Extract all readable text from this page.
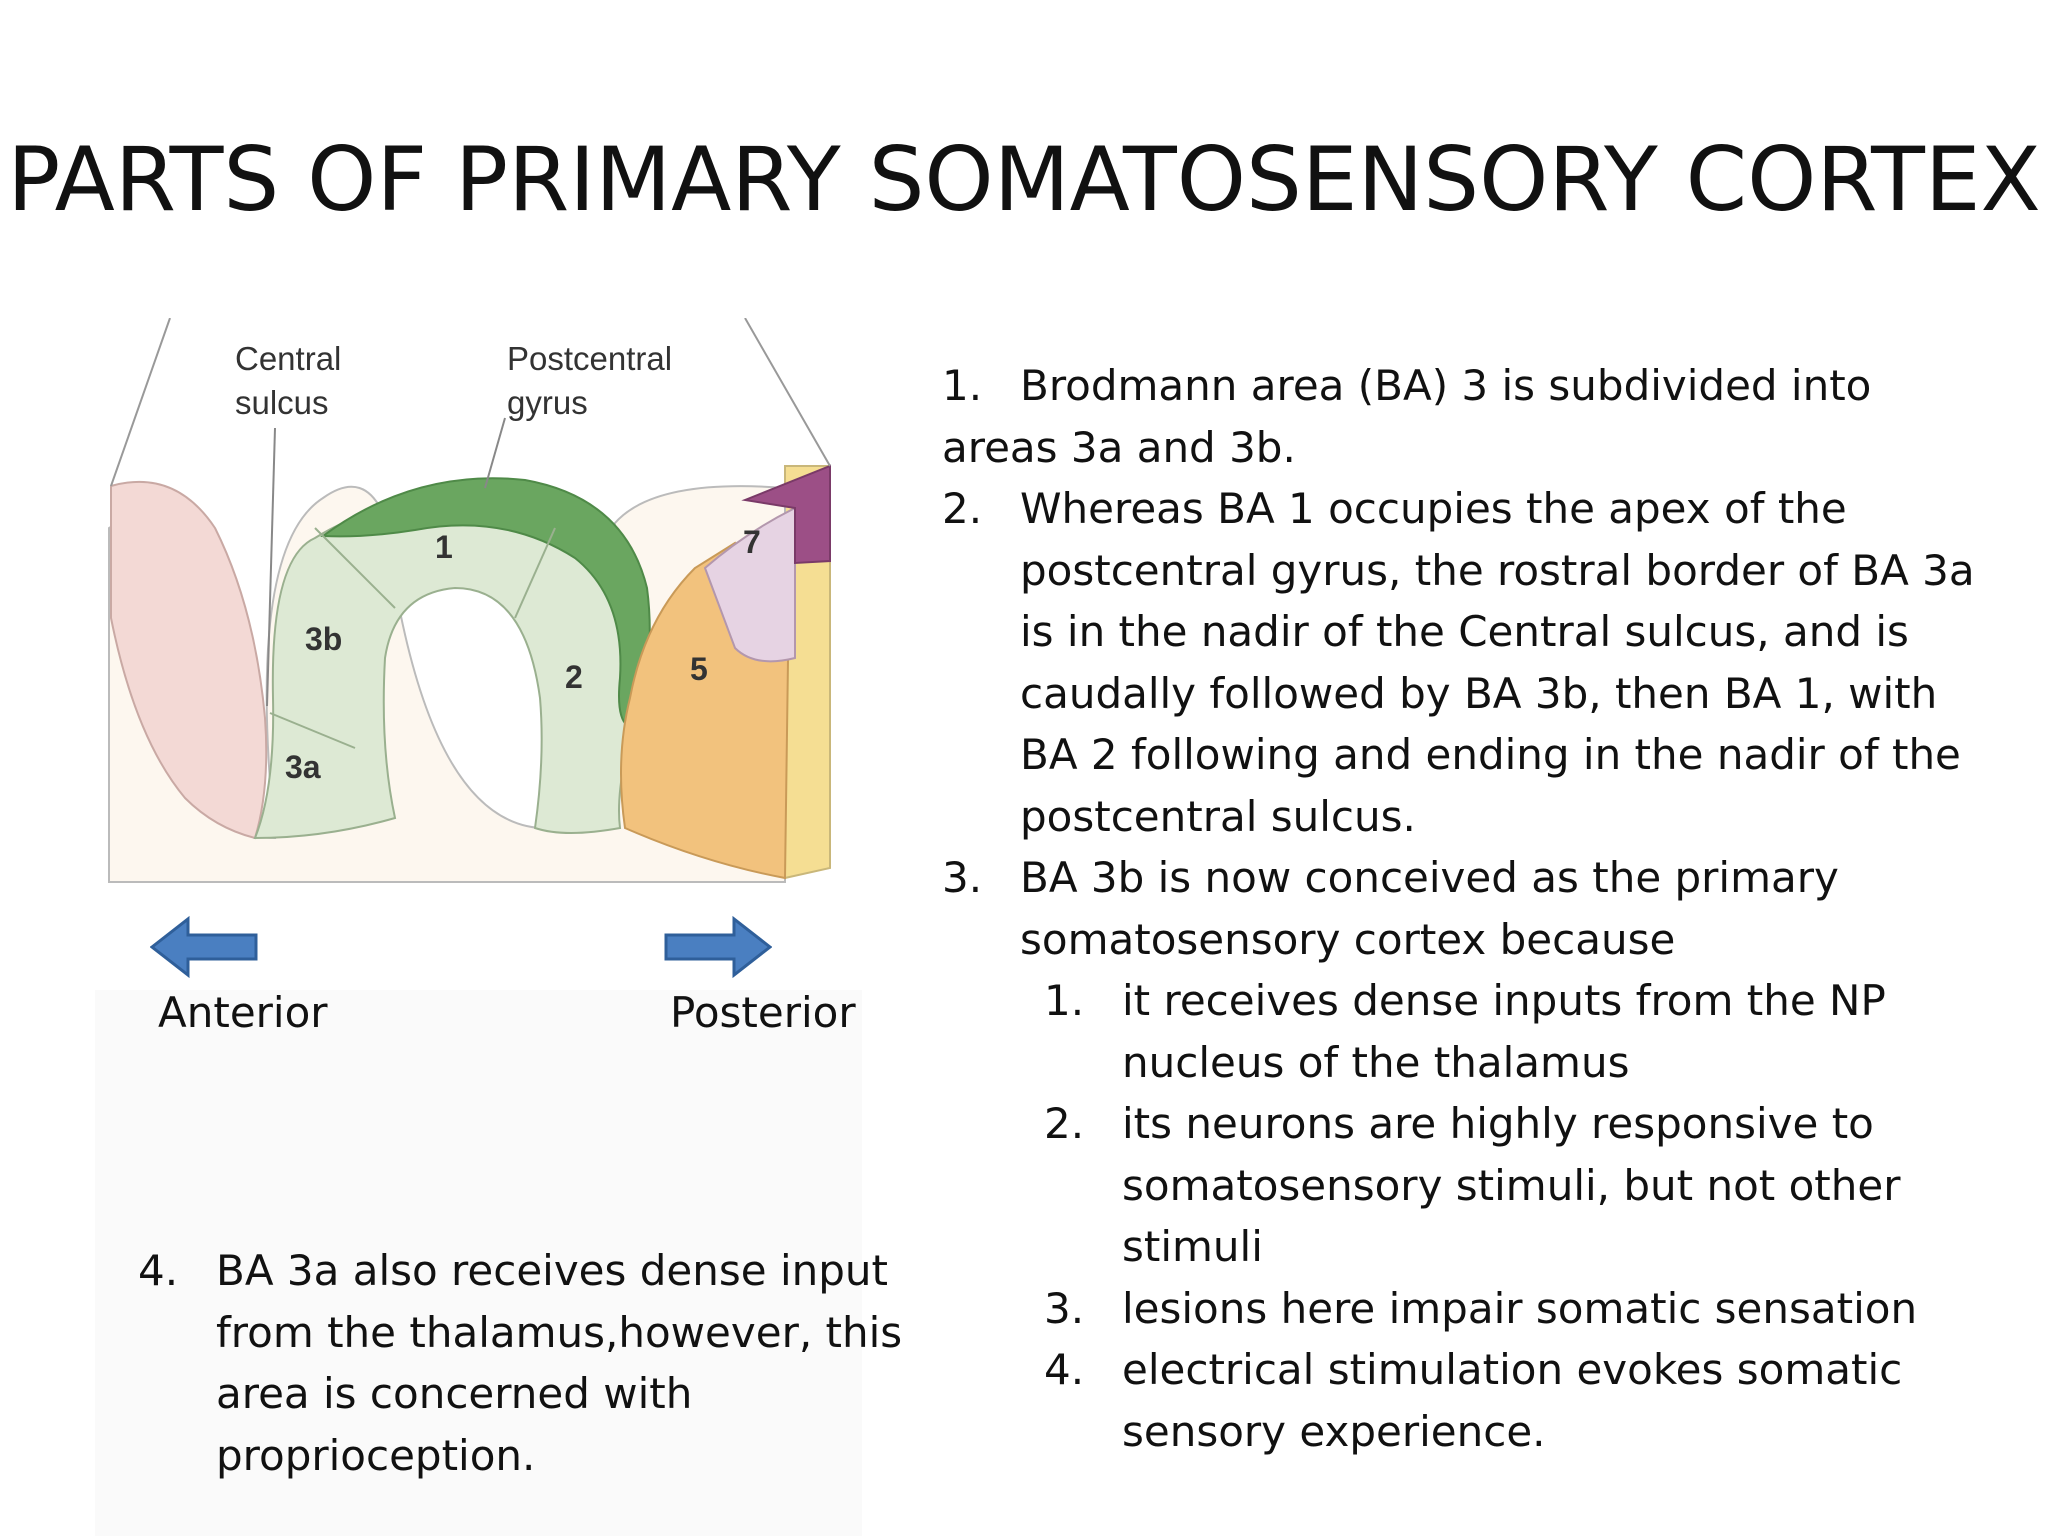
PARTS OF PRIMARY SOMATOSENSORY CORTEX
Central
sulcus
Postcentral
gyrus
1
2
3a
3b
5
7
Anterior	Posterior
1. Brodmann area (BA) 3 is subdivided into
areas 3a and 3b.
2. Whereas BA 1 occupies the apex of the postcentral gyrus, the rostral border of BA 3a is in the nadir of the Central sulcus, and is caudally followed by BA 3b, then BA 1, with BA 2 following and ending in the nadir of the postcentral sulcus.
3. BA 3b is now conceived as the primary somatosensory cortex because
1. it receives dense inputs from the NP nucleus of the thalamus
2. its neurons are highly responsive to somatosensory stimuli, but not other stimuli
3. lesions here impair somatic sensation
4. electrical stimulation evokes somatic sensory experience.
4. BA 3a also receives dense input from the thalamus,however, this area is concerned with proprioception.
